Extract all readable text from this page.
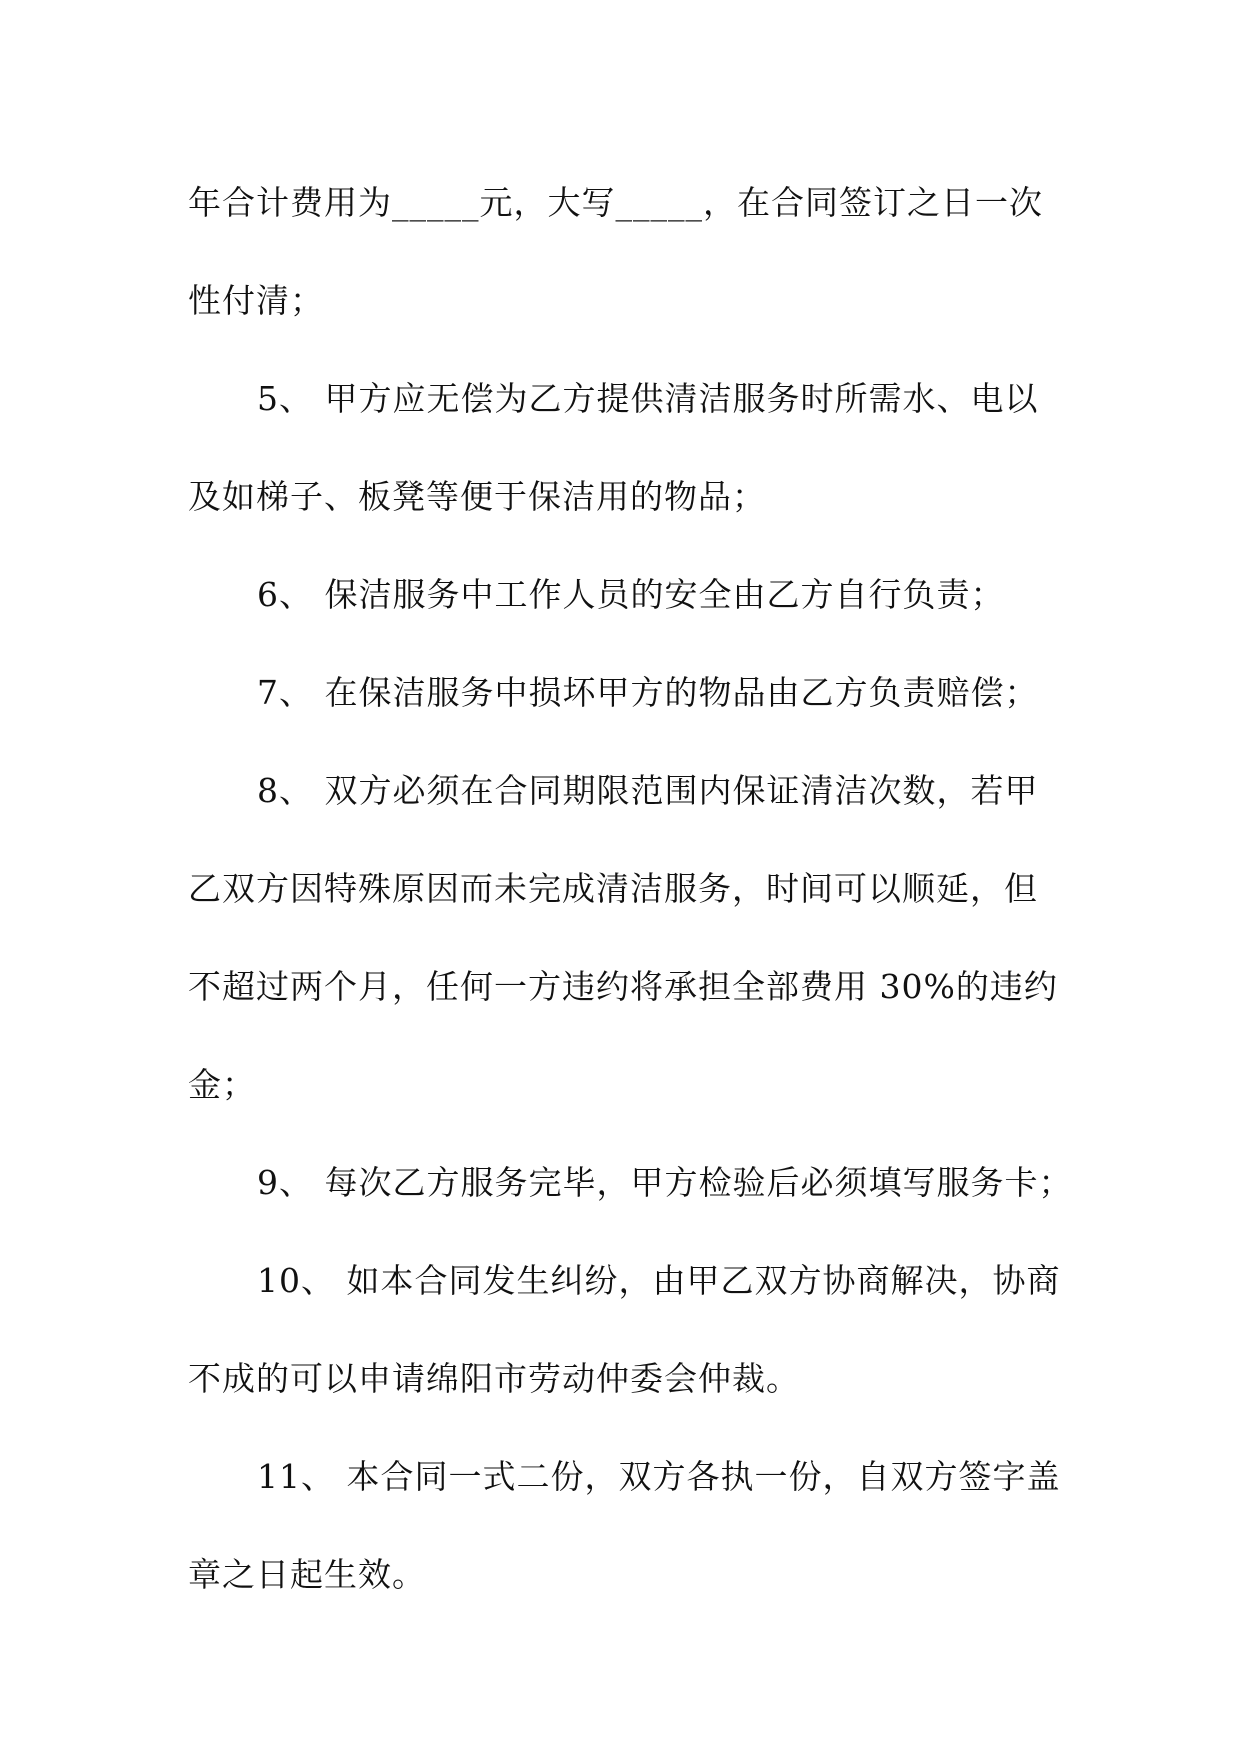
年合计费用为_____元，大写_____，在合同签订之日一次
性付清；
5、 甲方应无偿为乙方提供清洁服务时所需水、电以
及如梯子、板凳等便于保洁用的物品；
6、 保洁服务中工作人员的安全由乙方自行负责；
7、 在保洁服务中损坏甲方的物品由乙方负责赔偿；
8、 双方必须在合同期限范围内保证清洁次数，若甲
乙双方因特殊原因而未完成清洁服务，时间可以顺延，但
不超过两个月，任何一方违约将承担全部费用 30%的违约
金；
9、 每次乙方服务完毕，甲方检验后必须填写服务卡；
10、 如本合同发生纠纷，由甲乙双方协商解决，协商
不成的可以申请绵阳市劳动仲委会仲裁。
11、 本合同一式二份，双方各执一份，自双方签字盖
章之日起生效。
